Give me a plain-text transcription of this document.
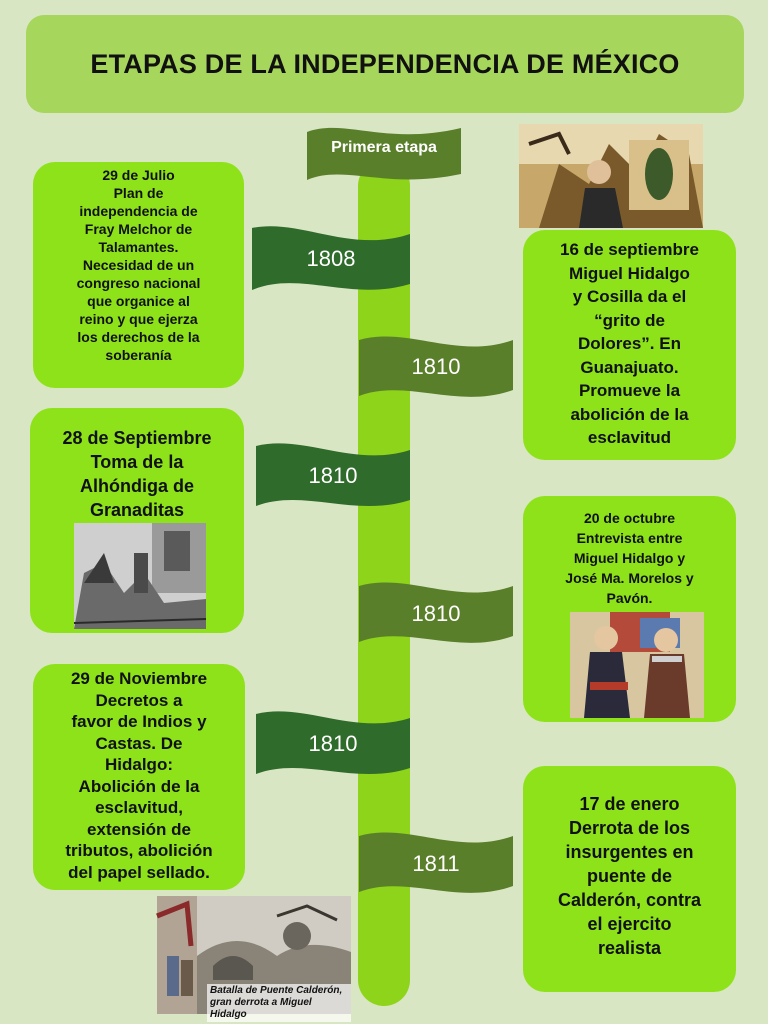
ETAPAS DE LA INDEPENDENCIA DE MÉXICO
Primera etapa
1808
1810
1810
1810
1810
1811
29 de Julio
Plan de
independencia de
Fray Melchor de
Talamantes.
Necesidad de un
congreso nacional
que organice al
reino y que ejerza
los derechos de la
soberanía
16 de septiembre
Miguel Hidalgo
y Cosilla da el
“grito de
Dolores”. En
Guanajuato.
Promueve la
abolición de la
esclavitud
28 de Septiembre
Toma de la
Alhóndiga de
Granaditas	20 de octubre
Entrevista entre
Miguel Hidalgo y
José Ma. Morelos y
Pavón.
29 de Noviembre
Decretos a
favor de Indios y
Castas. De
Hidalgo:
Abolición de la
esclavitud,
extensión de
tributos, abolición
del papel sellado.
17 de enero
Derrota de los
insurgentes en
puente de
Calderón, contra
el ejercito
realista
Batalla de Puente Calderón,
gran derrota a Miguel Hidalgo
